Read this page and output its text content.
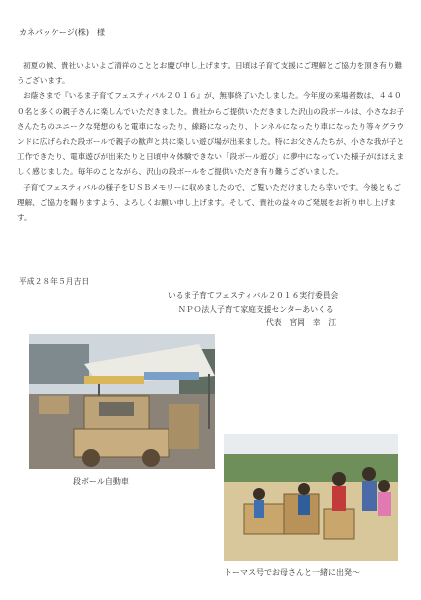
カネパッケージ(株)　様

初夏の候、貴社いよいよご清祥のこととお慶び申し上げます。日頃は子育て支援にご理解とご協力を頂き有り難うございます。

お蔭さまで『いるま子育てフェスティバル２０１６』が、無事終了いたしました。今年度の来場者数は、４４００名と多くの親子さんに楽しんでいただきました。貴社からご提供いただきました沢山の段ボールは、小さなお子さんたちのユニークな発想のもと電車になったり、線路になったり、トンネルになったり車になったり等々グラウンドに広げられた段ボールで親子の歓声と共に楽しい遊び場が出来ました。特にお父さんたちが、小さな我が子と工作できたり、電車遊びが出来たりと日頃中々体験できない「段ボール遊び」に夢中になっていた様子がほほえましく感じました。毎年のことながら、沢山の段ボールをご提供いただき有り難うございました。

子育てフェスティバルの様子をＵＳＢメモリーに収めましたので、ご覧いただけましたら幸いです。今後ともご理解、ご協力を賜りますよう、よろしくお願い申し上げます。そして、貴社の益々のご発展をお祈り申し上げます。

平成２８年５月吉日
いるま子育てフェスティバル２０１６実行委員会
ＮＰＯ法人子育て家庭支援センターあいくる
代表　宮岡　幸　江
段ボール自動車
トーマス号でお母さんと一緒に出発～
